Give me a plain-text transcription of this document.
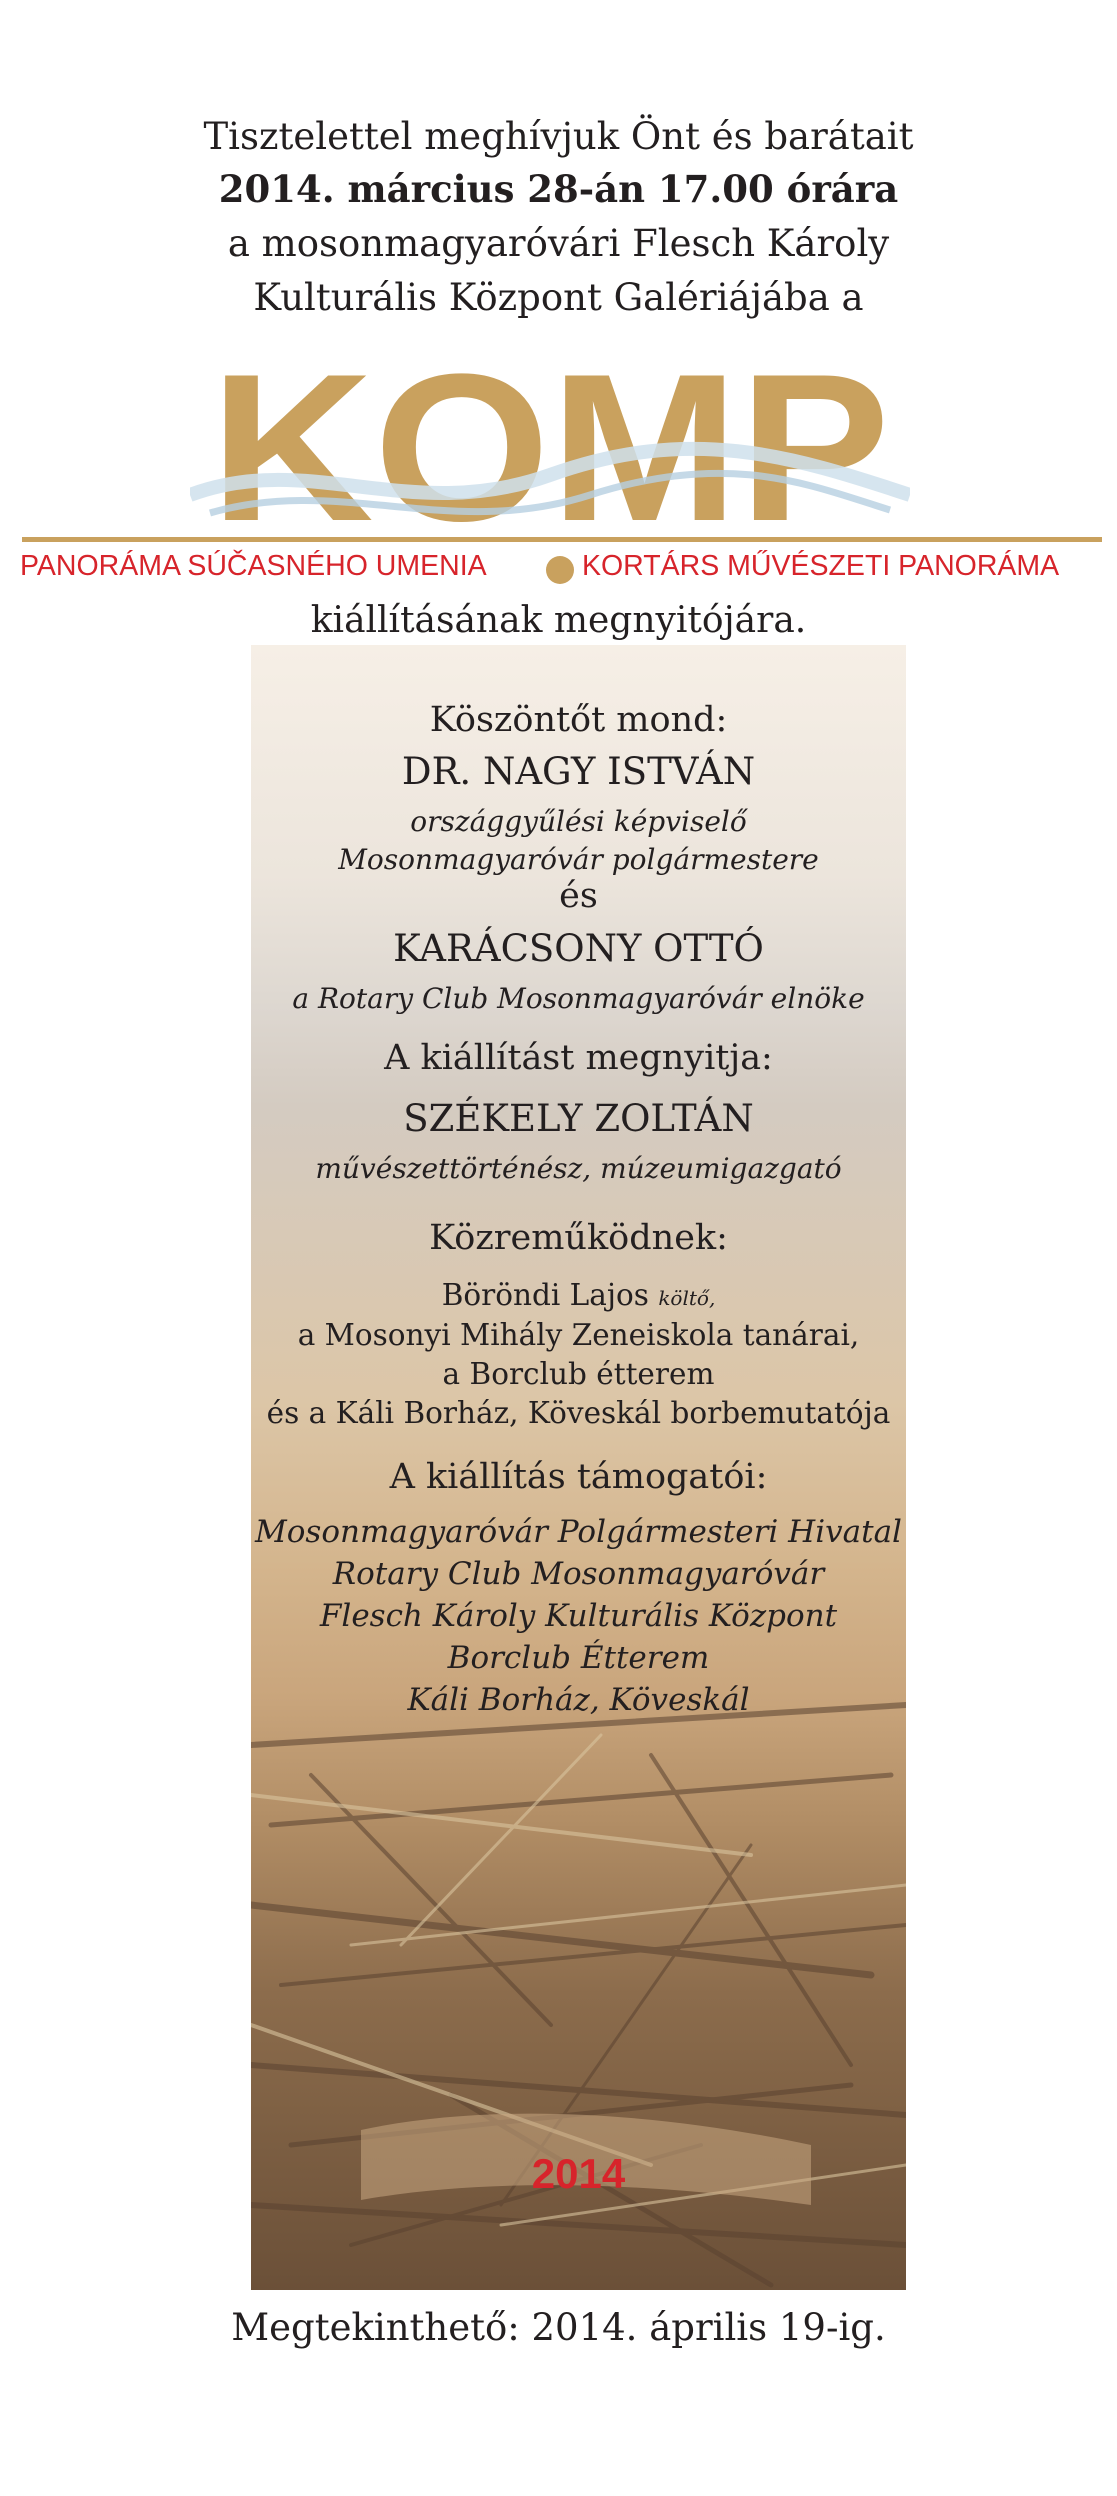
Tisztelettel meghívjuk Önt és barátait
2014. március 28-án 17.00 órára
a mosonmagyaróvári Flesch Károly
Kulturális Központ Galériájába a
KOMP
PANORÁMA SÚČASNÉHO UMENIA	KORTÁRS MŰVÉSZETI PANORÁMA
kiállításának megnyitójára.
Köszöntőt mond:
DR. NAGY ISTVÁN
országgyűlési képviselő
Mosonmagyaróvár polgármestere
és
KARÁCSONY OTTÓ
a Rotary Club Mosonmagyaróvár elnöke
A kiállítást megnyitja:
SZÉKELY ZOLTÁN
művészettörténész, múzeumigazgató
Közreműködnek:
Böröndi Lajos költő,
a Mosonyi Mihály Zeneiskola tanárai,
a Borclub étterem
és a Káli Borház, Köveskál borbemutatója
A kiállítás támogatói:
Mosonmagyaróvár Polgármesteri Hivatal
Rotary Club Mosonmagyaróvár
Flesch Károly Kulturális Központ
Borclub Étterem
Káli Borház, Köveskál
2014
Megtekinthető: 2014. április 19-ig.
